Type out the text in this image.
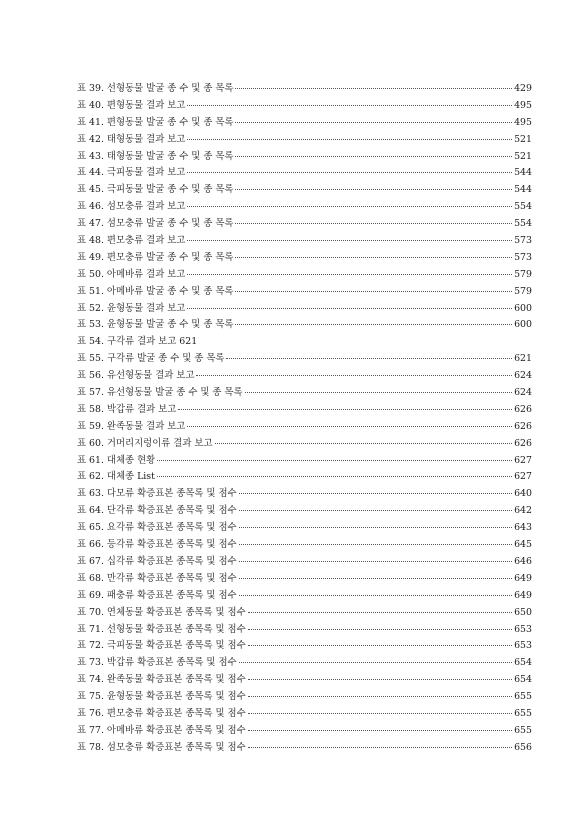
표 39. 선형동물 발굴 종 수 및 종 목록	429
표 40. 편형동물 결과 보고	495
표 41. 편형동물 발굴 종 수 및 종 목록	495
표 42. 태형동물 결과 보고	521
표 43. 태형동물 발굴 종 수 및 종 목록	521
표 44. 극피동물 결과 보고	544
표 45. 극피동물 발굴 종 수 및 종 목록	544
표 46. 섬모충류 결과 보고	554
표 47. 섬모충류 발굴 종 수 및 종 목록	554
표 48. 편모충류 결과 보고	573
표 49. 편모충류 발굴 종 수 및 종 목록	573
표 50. 아메바류 결과 보고	579
표 51. 아메바류 발굴 종 수 및 종 목록	579
표 52. 윤형동물 결과 보고	600
표 53. 윤형동물 발굴 종 수 및 종 목록	600
표 54. 구각류 결과 보고 621
표 55. 구각류 발굴 종 수 및 종 목록	621
표 56. 유선형동물 결과 보고	624
표 57. 유선형동물 발굴 종 수 및 종 목록	624
표 58. 박갑류 결과 보고	626
표 59. 완족동물 결과 보고	626
표 60. 거머리지렁이류 결과 보고	626
표 61. 대체종 현황	627
표 62. 대체종 List	627
표 63. 다모류 확증표본 종목록 및 점수	640
표 64. 단각류 확증표본 종목록 및 점수	642
표 65. 요각류 확증표본 종목록 및 점수	643
표 66. 등각류 확증표본 종목록 및 점수	645
표 67. 십각류 확증표본 종목록 및 점수	646
표 68. 만각류 확증표본 종목록 및 점수	649
표 69. 패충류 확증표본 종목록 및 점수	649
표 70. 연체동물 확증표본 종목록 및 점수	650
표 71. 선형동물 확증표본 종목록 및 점수	653
표 72. 극피동물 확증표본 종목록 및 점수	653
표 73. 박갑류 확증표본 종목록 및 점수	654
표 74. 완족동물 확증표본 종목록 및 점수	654
표 75. 윤형동물 확증표본 종목록 및 점수	655
표 76. 편모충류 확증표본 종목록 및 점수	655
표 77. 아메바류 확증표본 종목록 및 점수	655
표 78. 섬모충류 확증표본 종목록 및 점수	656
